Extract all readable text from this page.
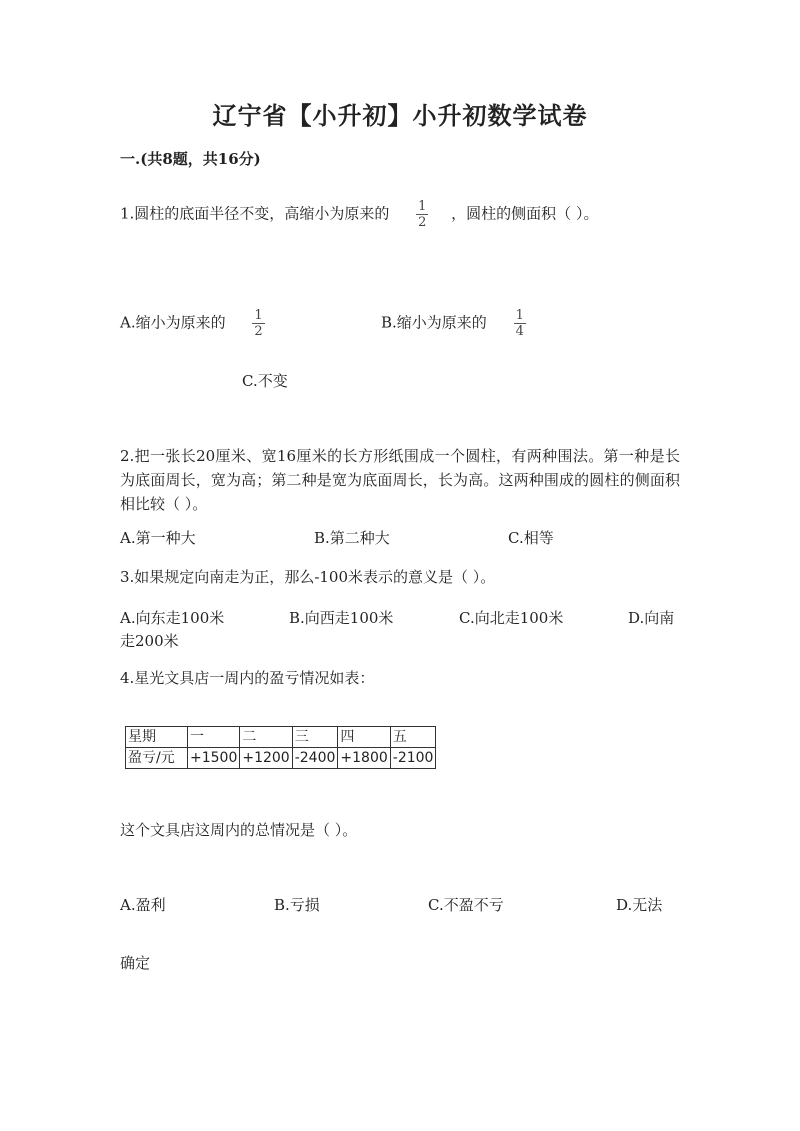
辽宁省【小升初】小升初数学试卷
一.(共8题，共16分)
1.圆柱的底面半径不变，高缩小为原来的 $\frac{1}{2}$ ，圆柱的侧面积（ ）。
A.缩小为原来的 $\frac{1}{2}$	B.缩小为原来的 $\frac{1}{4}$
C.不变
2.把一张长20厘米、宽16厘米的长方形纸围成一个圆柱，有两种围法。第一种是长为底面周长，宽为高；第二种是宽为底面周长，长为高。这两种围成的圆柱的侧面积相比较（ ）。
A.第一种大	B.第二种大	C.相等
3.如果规定向南走为正，那么-100米表示的意义是（ ）。
A.向东走100米	B.向西走100米	C.向北走100米	D.向南
走200米
4.星光文具店一周内的盈亏情况如表：
星期	一	二	三	四	五
盈亏/元	+1500	+1200	-2400	+1800	-2100
这个文具店这周内的总情况是（ ）。
A.盈利	B.亏损	C.不盈不亏	D.无法
确定
